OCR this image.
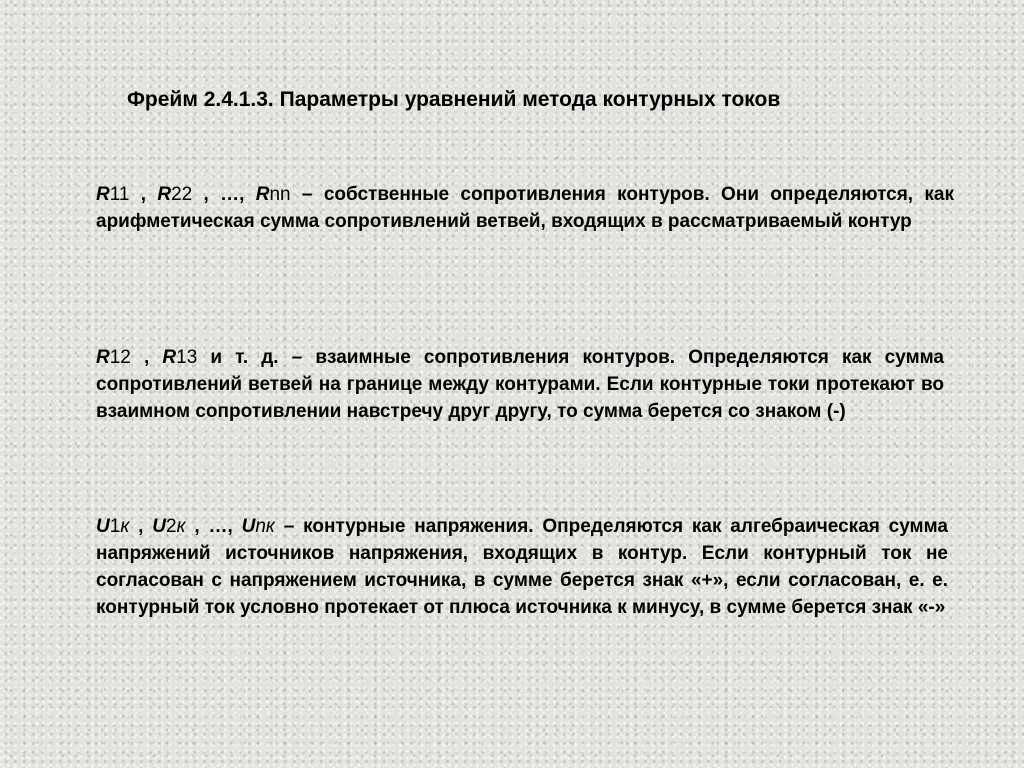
Фрейм 2.4.1.3. Параметры уравнений метода контурных токов
R11 , R22 , …, Rnn – собственные сопротивления контуров. Они определяются, как арифметическая сумма сопротивлений ветвей, входящих в рассматриваемый контур
R12 , R13 и т. д. – взаимные сопротивления контуров. Определяются как сумма сопротивлений ветвей на границе между контурами. Если контурные токи протекают во взаимном сопротивлении навстречу друг другу, то сумма берется со знаком (-)
U1к , U2к , …, Unк – контурные напряжения. Определяются как алгебраическая сумма напряжений источников напряжения, входящих в контур. Если контурный ток не согласован с напряжением источника, в сумме берется знак «+», если согласован, е. е. контурный ток условно протекает от плюса источника к минусу, в сумме берется знак «-»
